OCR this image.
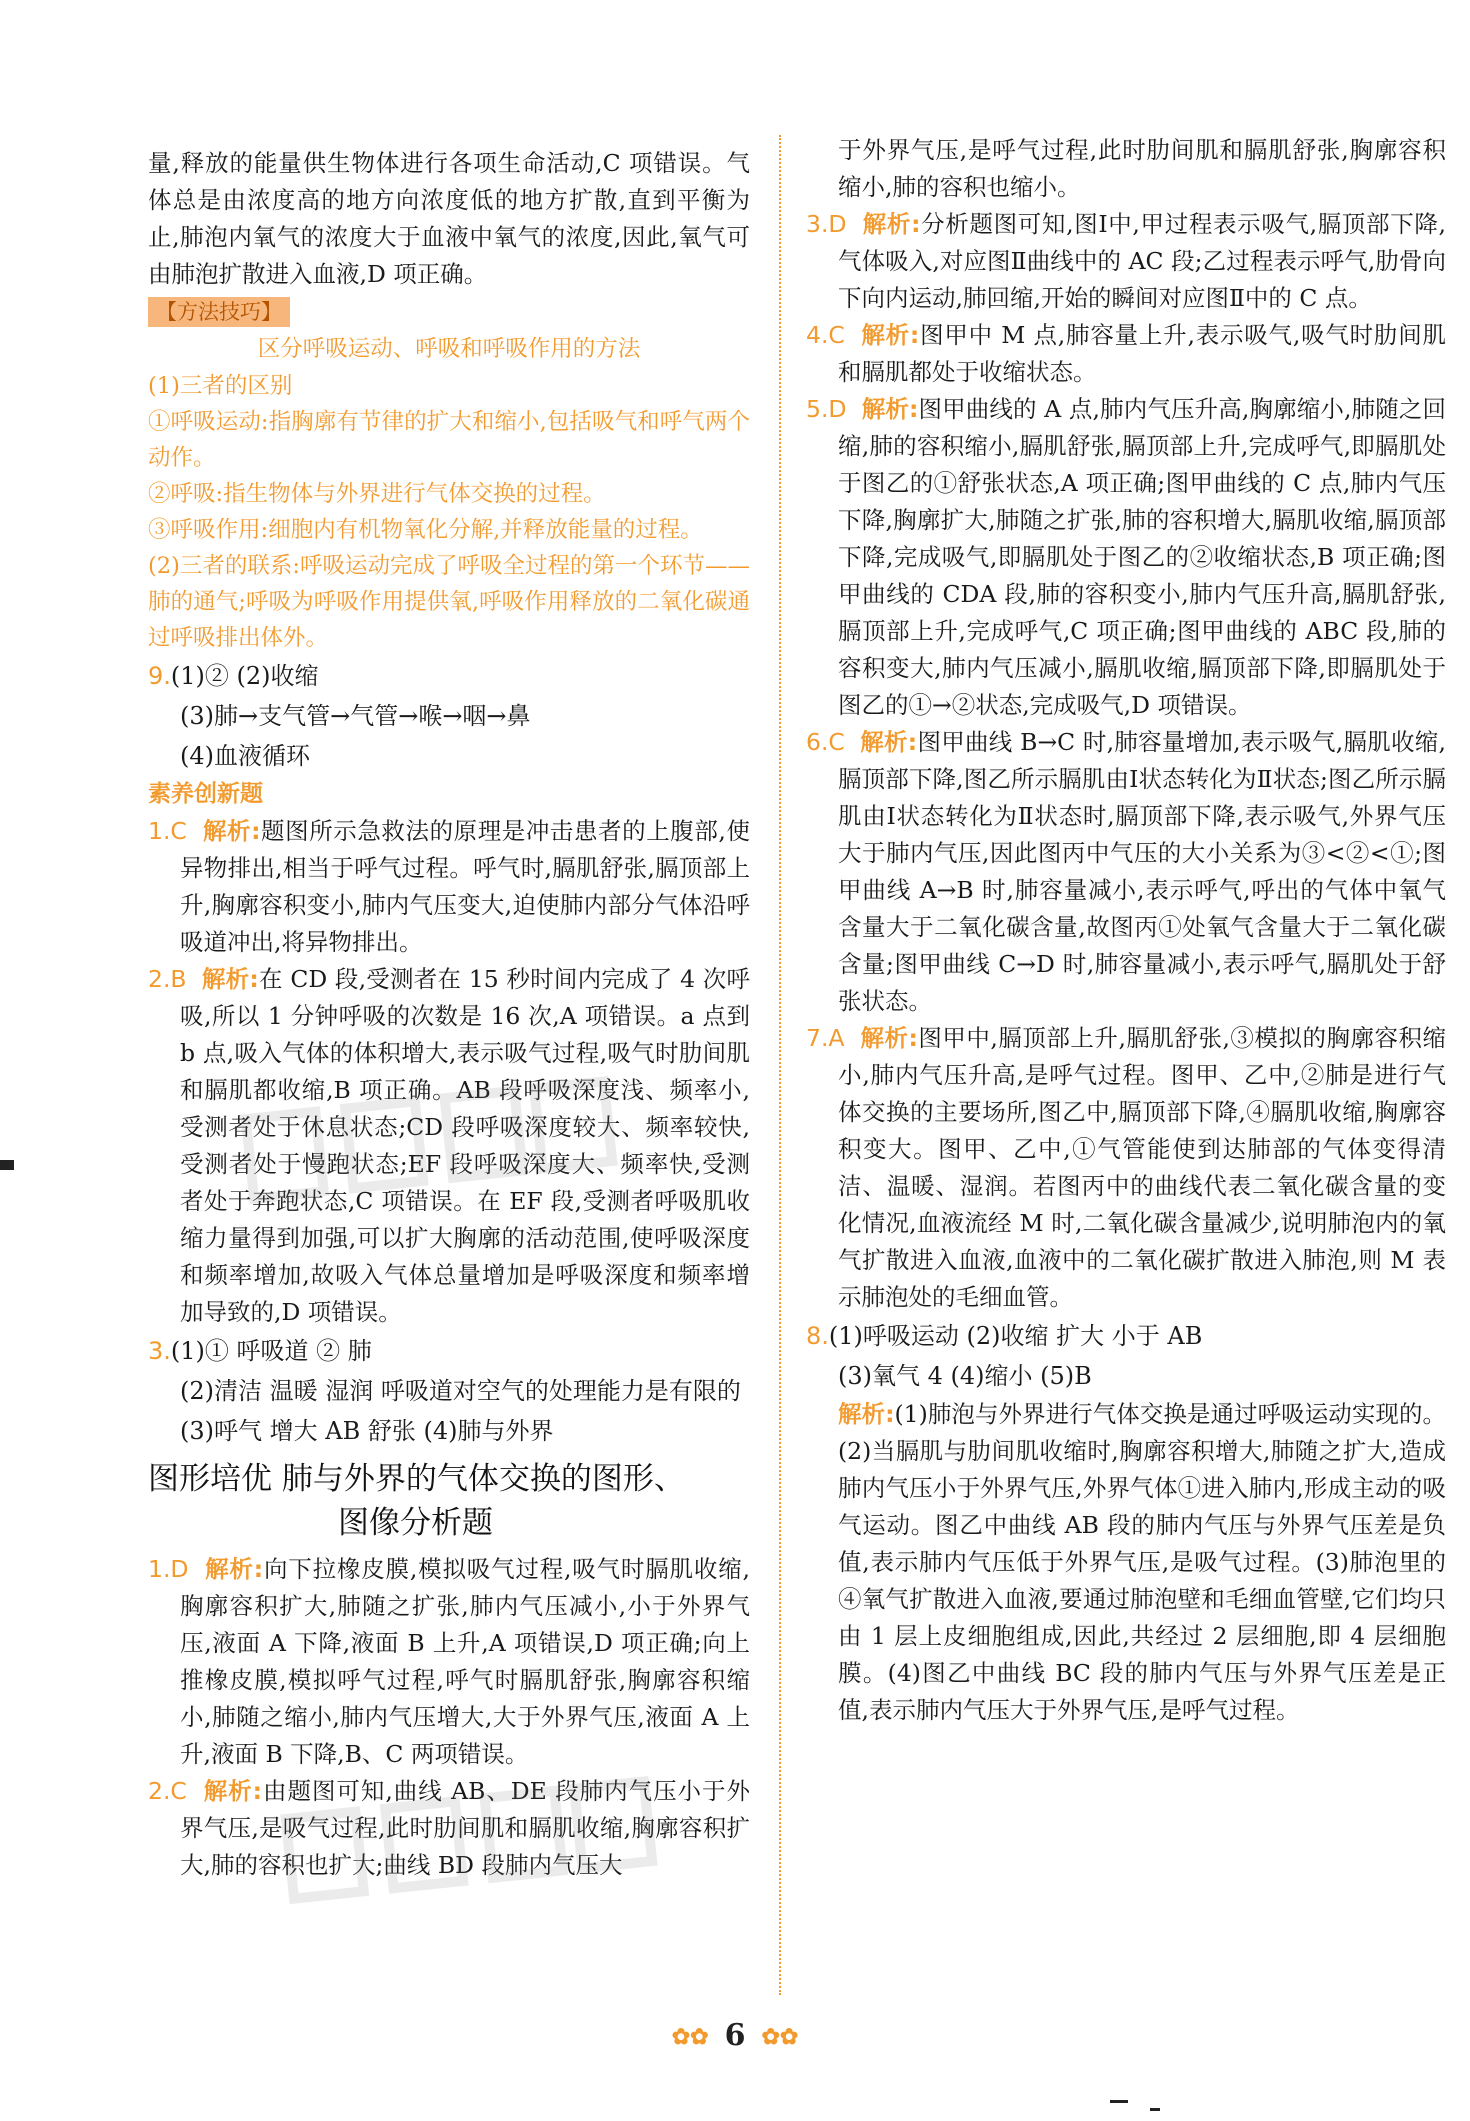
量,释放的能量供生物体进行各项生命活动,C 项错误。气体总是由浓度高的地方向浓度低的地方扩散,直到平衡为止,肺泡内氧气的浓度大于血液中氧气的浓度,因此,氧气可由肺泡扩散进入血液,D 项正确。

【方法技巧】

区分呼吸运动、呼吸和呼吸作用的方法

(1)三者的区别

①呼吸运动:指胸廓有节律的扩大和缩小,包括吸气和呼气两个动作。

②呼吸:指生物体与外界进行气体交换的过程。

③呼吸作用:细胞内有机物氧化分解,并释放能量的过程。

(2)三者的联系:呼吸运动完成了呼吸全过程的第一个环节——肺的通气;呼吸为呼吸作用提供氧,呼吸作用释放的二氧化碳通过呼吸排出体外。

9.(1)② (2)收缩

(3)肺→支气管→气管→喉→咽→鼻

(4)血液循环

素养创新题

1.C 解析:题图所示急救法的原理是冲击患者的上腹部,使异物排出,相当于呼气过程。呼气时,膈肌舒张,膈顶部上升,胸廓容积变小,肺内气压变大,迫使肺内部分气体沿呼吸道冲出,将异物排出。

2.B 解析:在 CD 段,受测者在 15 秒时间内完成了 4 次呼吸,所以 1 分钟呼吸的次数是 16 次,A 项错误。a 点到 b 点,吸入气体的体积增大,表示吸气过程,吸气时肋间肌和膈肌都收缩,B 项正确。AB 段呼吸深度浅、频率小,受测者处于休息状态;CD 段呼吸深度较大、频率较快,受测者处于慢跑状态;EF 段呼吸深度大、频率快,受测者处于奔跑状态,C 项错误。在 EF 段,受测者呼吸肌收缩力量得到加强,可以扩大胸廓的活动范围,使呼吸深度和频率增加,故吸入气体总量增加是呼吸深度和频率增加导致的,D 项错误。

3.(1)① 呼吸道 ② 肺

(2)清洁 温暖 湿润 呼吸道对空气的处理能力是有限的

(3)呼气 增大 AB 舒张 (4)肺与外界

图形培优 肺与外界的气体交换的图形、
图像分析题

1.D 解析:向下拉橡皮膜,模拟吸气过程,吸气时膈肌收缩,胸廓容积扩大,肺随之扩张,肺内气压减小,小于外界气压,液面 A 下降,液面 B 上升,A 项错误,D 项正确;向上推橡皮膜,模拟呼气过程,呼气时膈肌舒张,胸廓容积缩小,肺随之缩小,肺内气压增大,大于外界气压,液面 A 上升,液面 B 下降,B、C 两项错误。

2.C 解析:由题图可知,曲线 AB、DE 段肺内气压小于外界气压,是吸气过程,此时肋间肌和膈肌收缩,胸廓容积扩大,肺的容积也扩大;曲线 BD 段肺内气压大

于外界气压,是呼气过程,此时肋间肌和膈肌舒张,胸廓容积缩小,肺的容积也缩小。

3.D 解析:分析题图可知,图Ⅰ中,甲过程表示吸气,膈顶部下降,气体吸入,对应图Ⅱ曲线中的 AC 段;乙过程表示呼气,肋骨向下向内运动,肺回缩,开始的瞬间对应图Ⅱ中的 C 点。

4.C 解析:图甲中 M 点,肺容量上升,表示吸气,吸气时肋间肌和膈肌都处于收缩状态。

5.D 解析:图甲曲线的 A 点,肺内气压升高,胸廓缩小,肺随之回缩,肺的容积缩小,膈肌舒张,膈顶部上升,完成呼气,即膈肌处于图乙的①舒张状态,A 项正确;图甲曲线的 C 点,肺内气压下降,胸廓扩大,肺随之扩张,肺的容积增大,膈肌收缩,膈顶部下降,完成吸气,即膈肌处于图乙的②收缩状态,B 项正确;图甲曲线的 CDA 段,肺的容积变小,肺内气压升高,膈肌舒张,膈顶部上升,完成呼气,C 项正确;图甲曲线的 ABC 段,肺的容积变大,肺内气压减小,膈肌收缩,膈顶部下降,即膈肌处于图乙的①→②状态,完成吸气,D 项错误。

6.C 解析:图甲曲线 B→C 时,肺容量增加,表示吸气,膈肌收缩,膈顶部下降,图乙所示膈肌由Ⅰ状态转化为Ⅱ状态;图乙所示膈肌由Ⅰ状态转化为Ⅱ状态时,膈顶部下降,表示吸气,外界气压大于肺内气压,因此图丙中气压的大小关系为③<②<①;图甲曲线 A→B 时,肺容量减小,表示呼气,呼出的气体中氧气含量大于二氧化碳含量,故图丙①处氧气含量大于二氧化碳含量;图甲曲线 C→D 时,肺容量减小,表示呼气,膈肌处于舒张状态。

7.A 解析:图甲中,膈顶部上升,膈肌舒张,③模拟的胸廓容积缩小,肺内气压升高,是呼气过程。图甲、乙中,②肺是进行气体交换的主要场所,图乙中,膈顶部下降,④膈肌收缩,胸廓容积变大。图甲、乙中,①气管能使到达肺部的气体变得清洁、温暖、湿润。若图丙中的曲线代表二氧化碳含量的变化情况,血液流经 M 时,二氧化碳含量减少,说明肺泡内的氧气扩散进入血液,血液中的二氧化碳扩散进入肺泡,则 M 表示肺泡处的毛细血管。

8.(1)呼吸运动 (2)收缩 扩大 小于 AB

(3)氧气 4 (4)缩小 (5)B

解析:(1)肺泡与外界进行气体交换是通过呼吸运动实现的。(2)当膈肌与肋间肌收缩时,胸廓容积增大,肺随之扩大,造成肺内气压小于外界气压,外界气体①进入肺内,形成主动的吸气运动。图乙中曲线 AB 段的肺内气压与外界气压差是负值,表示肺内气压低于外界气压,是吸气过程。(3)肺泡里的④氧气扩散进入血液,要通过肺泡壁和毛细血管壁,它们均只由 1 层上皮细胞组成,因此,共经过 2 层细胞,即 4 层细胞膜。(4)图乙中曲线 BC 段的肺内气压与外界气压差是正值,表示肺内气压大于外界气压,是呼气过程。

✿✿ 6 ✿✿
